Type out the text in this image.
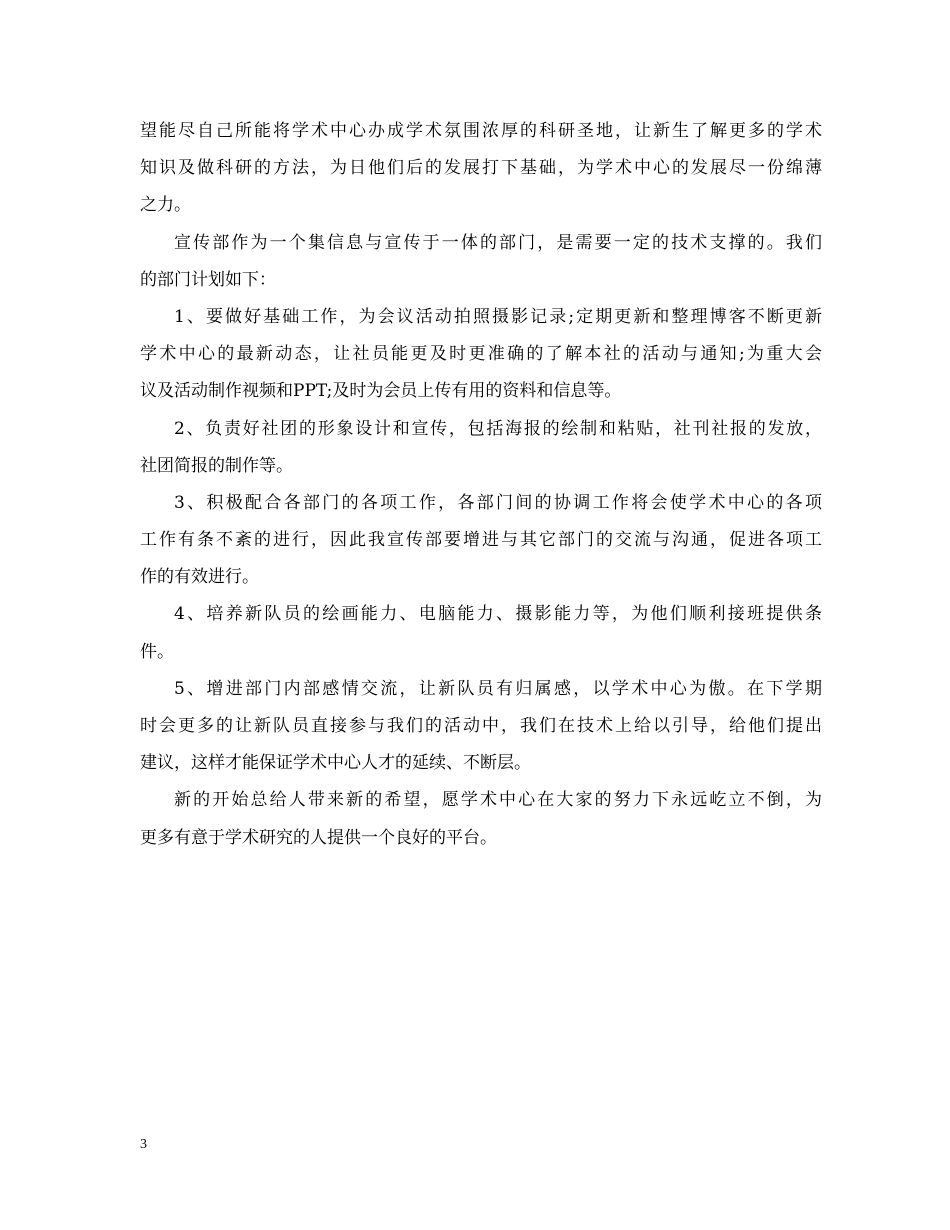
望能尽自己所能将学术中心办成学术氛围浓厚的科研圣地，让新生了解更多的学术
知识及做科研的方法，为日他们后的发展打下基础，为学术中心的发展尽一份绵薄
之力。
宣传部作为一个集信息与宣传于一体的部门，是需要一定的技术支撑的。我们
的部门计划如下：
1、要做好基础工作，为会议活动拍照摄影记录;定期更新和整理博客不断更新
学术中心的最新动态，让社员能更及时更准确的了解本社的活动与通知;为重大会
议及活动制作视频和PPT;及时为会员上传有用的资料和信息等。
2、负责好社团的形象设计和宣传，包括海报的绘制和粘贴，社刊社报的发放，
社团简报的制作等。
3、积极配合各部门的各项工作，各部门间的协调工作将会使学术中心的各项
工作有条不紊的进行，因此我宣传部要增进与其它部门的交流与沟通，促进各项工
作的有效进行。
4、培养新队员的绘画能力、电脑能力、摄影能力等，为他们顺利接班提供条
件。
5、增进部门内部感情交流，让新队员有归属感，以学术中心为傲。在下学期
时会更多的让新队员直接参与我们的活动中，我们在技术上给以引导，给他们提出
建议，这样才能保证学术中心人才的延续、不断层。
新的开始总给人带来新的希望，愿学术中心在大家的努力下永远屹立不倒，为
更多有意于学术研究的人提供一个良好的平台。
3
